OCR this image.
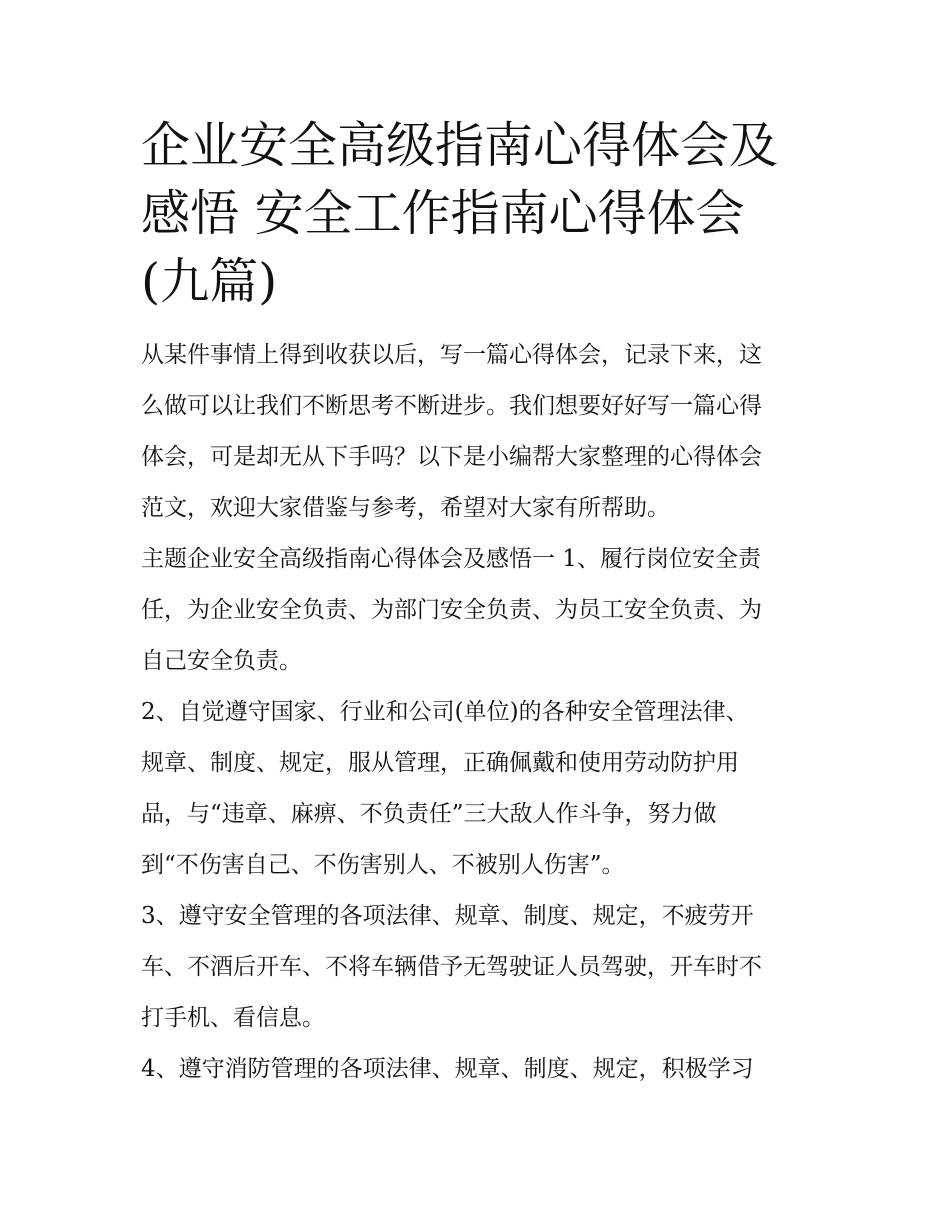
企业安全高级指南心得体会及
感悟 安全工作指南心得体会
(九篇)

从某件事情上得到收获以后，写一篇心得体会，记录下来，这
么做可以让我们不断思考不断进步。我们想要好好写一篇心得
体会，可是却无从下手吗？以下是小编帮大家整理的心得体会
范文，欢迎大家借鉴与参考，希望对大家有所帮助。

主题企业安全高级指南心得体会及感悟一 1、履行岗位安全责
任，为企业安全负责、为部门安全负责、为员工安全负责、为
自己安全负责。

2、自觉遵守国家、行业和公司(单位)的各种安全管理法律、
规章、制度、规定，服从管理，正确佩戴和使用劳动防护用
品，与“违章、麻痹、不负责任”三大敌人作斗争，努力做
到“不伤害自己、不伤害别人、不被别人伤害”。

3、遵守安全管理的各项法律、规章、制度、规定，不疲劳开
车、不酒后开车、不将车辆借予无驾驶证人员驾驶，开车时不
打手机、看信息。

4、遵守消防管理的各项法律、规章、制度、规定，积极学习
